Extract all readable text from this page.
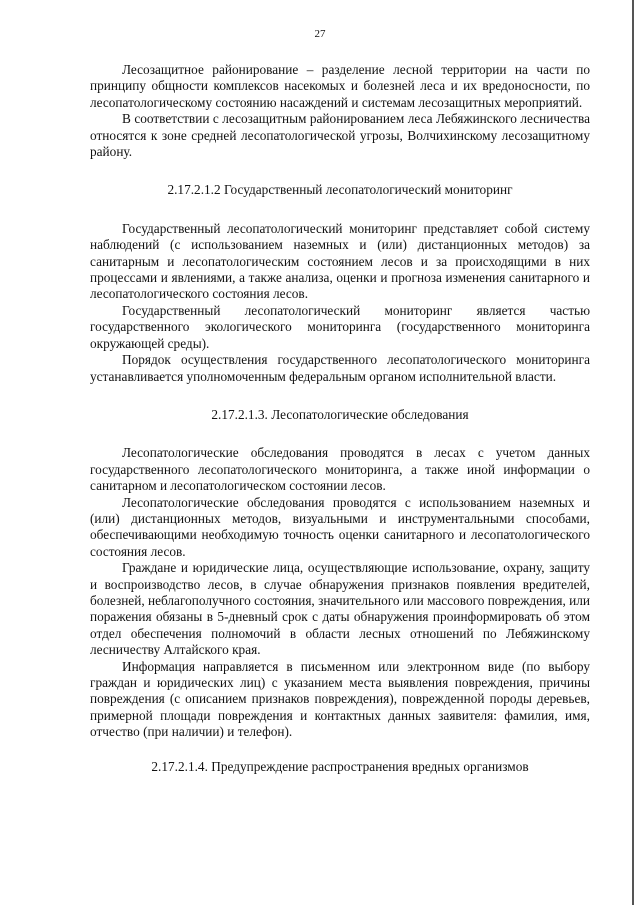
27

Лесозащитное районирование – разделение лесной территории на части по принципу общности комплексов насекомых и болезней леса и их вредоносности, по лесопатологическому состоянию насаждений и системам лесозащитных мероприятий.

В соответствии с лесозащитным районированием леса Лебяжинского лесничества относятся к зоне средней лесопатологической угрозы, Волчихинскому лесозащитному району.

2.17.2.1.2 Государственный лесопатологический мониторинг

Государственный лесопатологический мониторинг представляет собой систему наблюдений (с использованием наземных и (или) дистанционных методов) за санитарным и лесопатологическим состоянием лесов и за происходящими в них процессами и явлениями, а также анализа, оценки и прогноза изменения санитарного и лесопатологического состояния лесов.

Государственный лесопатологический мониторинг является частью государственного экологического мониторинга (государственного мониторинга окружающей среды).

Порядок осуществления государственного лесопатологического мониторинга устанавливается уполномоченным федеральным органом исполнительной власти.

2.17.2.1.3. Лесопатологические обследования

Лесопатологические обследования проводятся в лесах с учетом данных государственного лесопатологического мониторинга, а также иной информации о санитарном и лесопатологическом состоянии лесов.

Лесопатологические обследования проводятся с использованием наземных и (или) дистанционных методов, визуальными и инструментальными способами, обеспечивающими необходимую точность оценки санитарного и лесопатологического состояния лесов.

Граждане и юридические лица, осуществляющие использование, охрану, защиту и воспроизводство лесов, в случае обнаружения признаков появления вредителей, болезней, неблагополучного состояния, значительного или массового повреждения, или поражения обязаны в 5-дневный срок с даты обнаружения проинформировать об этом отдел обеспечения полномочий в области лесных отношений по Лебяжинскому лесничеству Алтайского края.

Информация направляется в письменном или электронном виде (по выбору граждан и юридических лиц) с указанием места выявления повреждения, причины повреждения (с описанием признаков повреждения), поврежденной породы деревьев, примерной площади повреждения и контактных данных заявителя: фамилия, имя, отчество (при наличии) и телефон).

2.17.2.1.4. Предупреждение распространения вредных организмов
